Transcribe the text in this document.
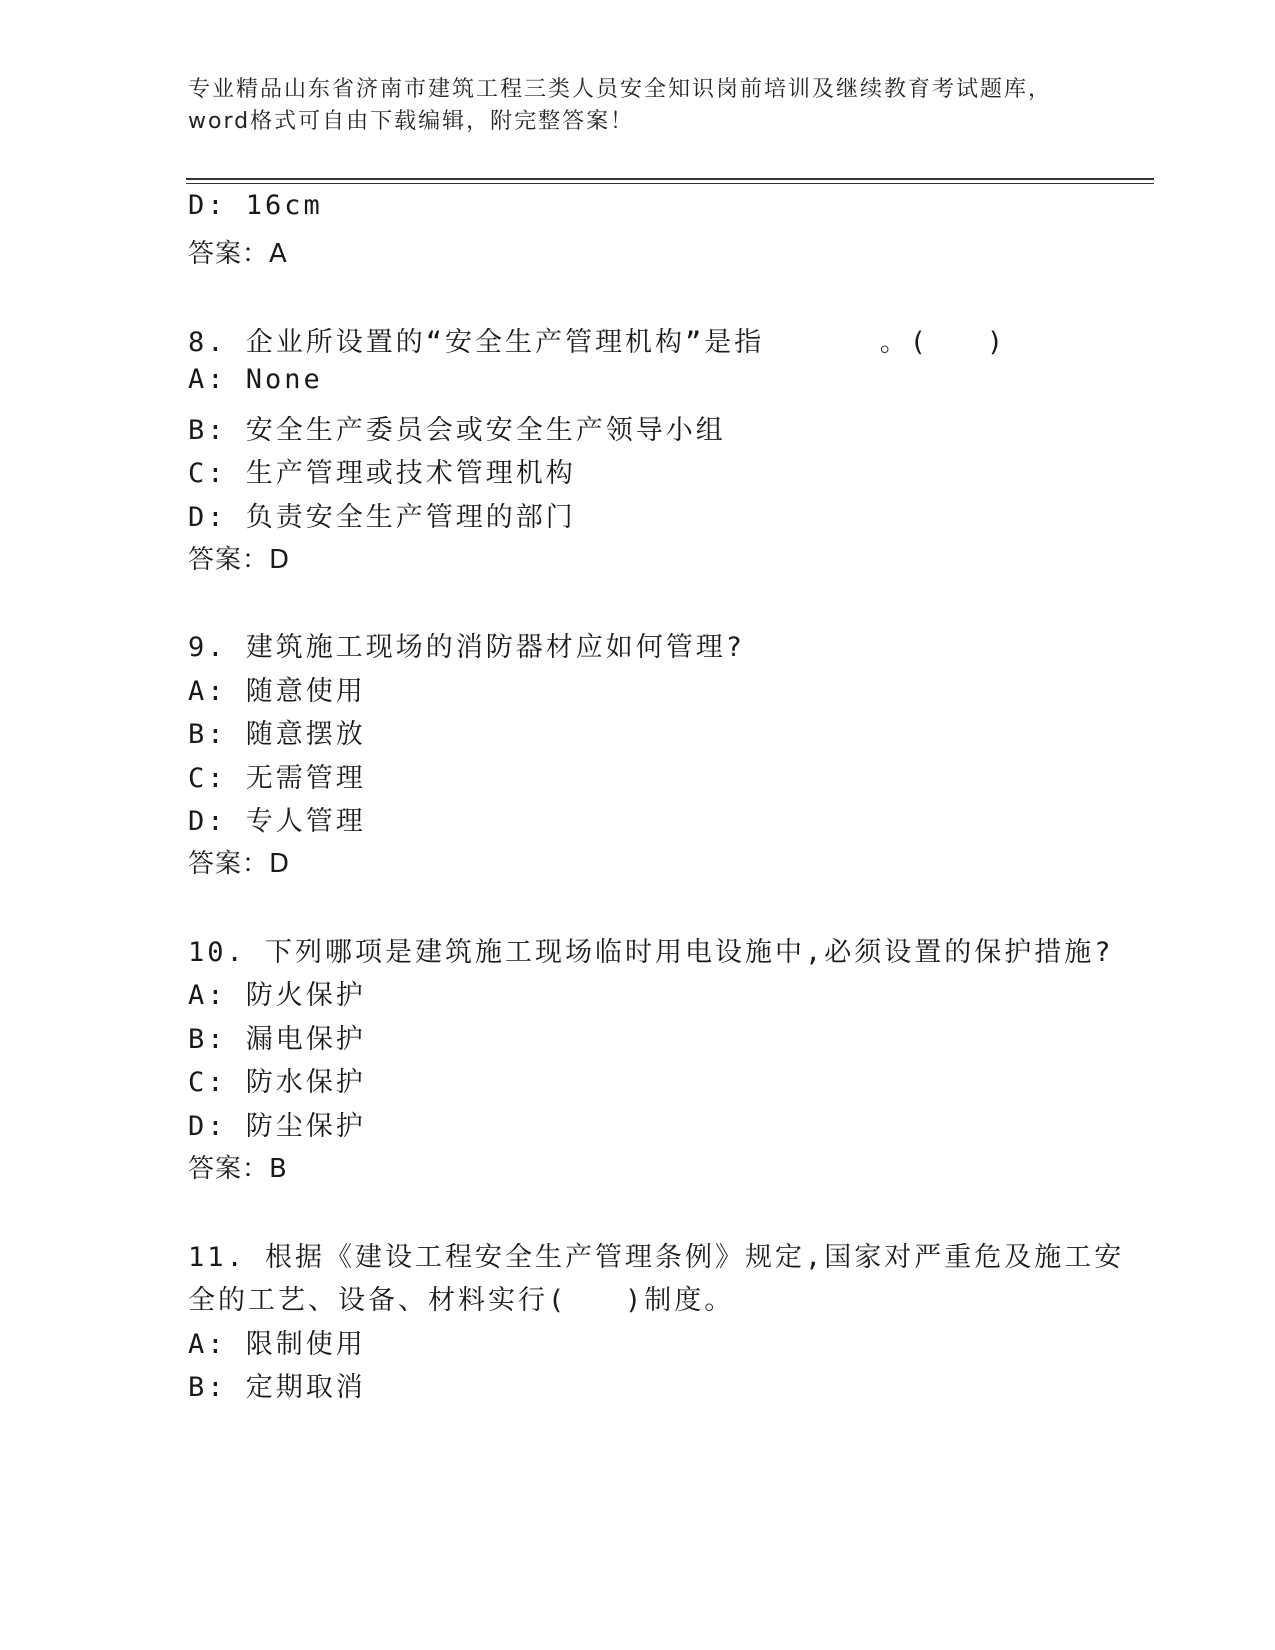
专业精品山东省济南市建筑工程三类人员安全知识岗前培训及继续教育考试题库，
word格式可自由下载编辑，附完整答案！
D: 16cm
答案：A
8. 企业所设置的“安全生产管理机构”是指      。(   )
A: None
B: 安全生产委员会或安全生产领导小组
C: 生产管理或技术管理机构
D: 负责安全生产管理的部门
答案：D
9. 建筑施工现场的消防器材应如何管理?
A: 随意使用
B: 随意摆放
C: 无需管理
D: 专人管理
答案：D
10. 下列哪项是建筑施工现场临时用电设施中,必须设置的保护措施?
A: 防火保护
B: 漏电保护
C: 防水保护
D: 防尘保护
答案：B
11. 根据《建设工程安全生产管理条例》规定,国家对严重危及施工安
全的工艺、设备、材料实行(   )制度。
A: 限制使用
B: 定期取消
